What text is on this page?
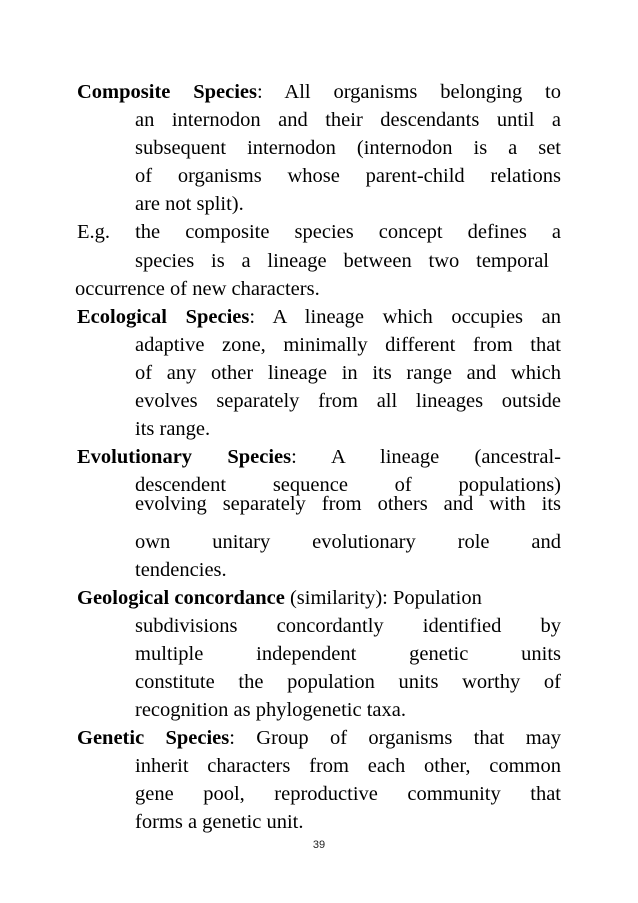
Composite Species: All organisms belonging to
an internodon and their descendants until a
subsequent internodon (internodon is a set
of organisms whose parent-child relations
are not split).
E.g. the composite species concept defines a
species is a lineage between two temporal
occurrence of new characters.
Ecological Species: A lineage which occupies an
adaptive zone, minimally different from that
of any other lineage in its range and which
evolves separately from all lineages outside
its range.
Evolutionary Species: A lineage (ancestral-
descendent sequence of populations)
evolving separately from others and with its
own unitary evolutionary role and
tendencies.
Geological concordance (similarity): Population
subdivisions concordantly identified by
multiple independent genetic units
constitute the population units worthy of
recognition as phylogenetic taxa.
Genetic Species: Group of organisms that may
inherit characters from each other, common
gene pool, reproductive community that
forms a genetic unit.
39
